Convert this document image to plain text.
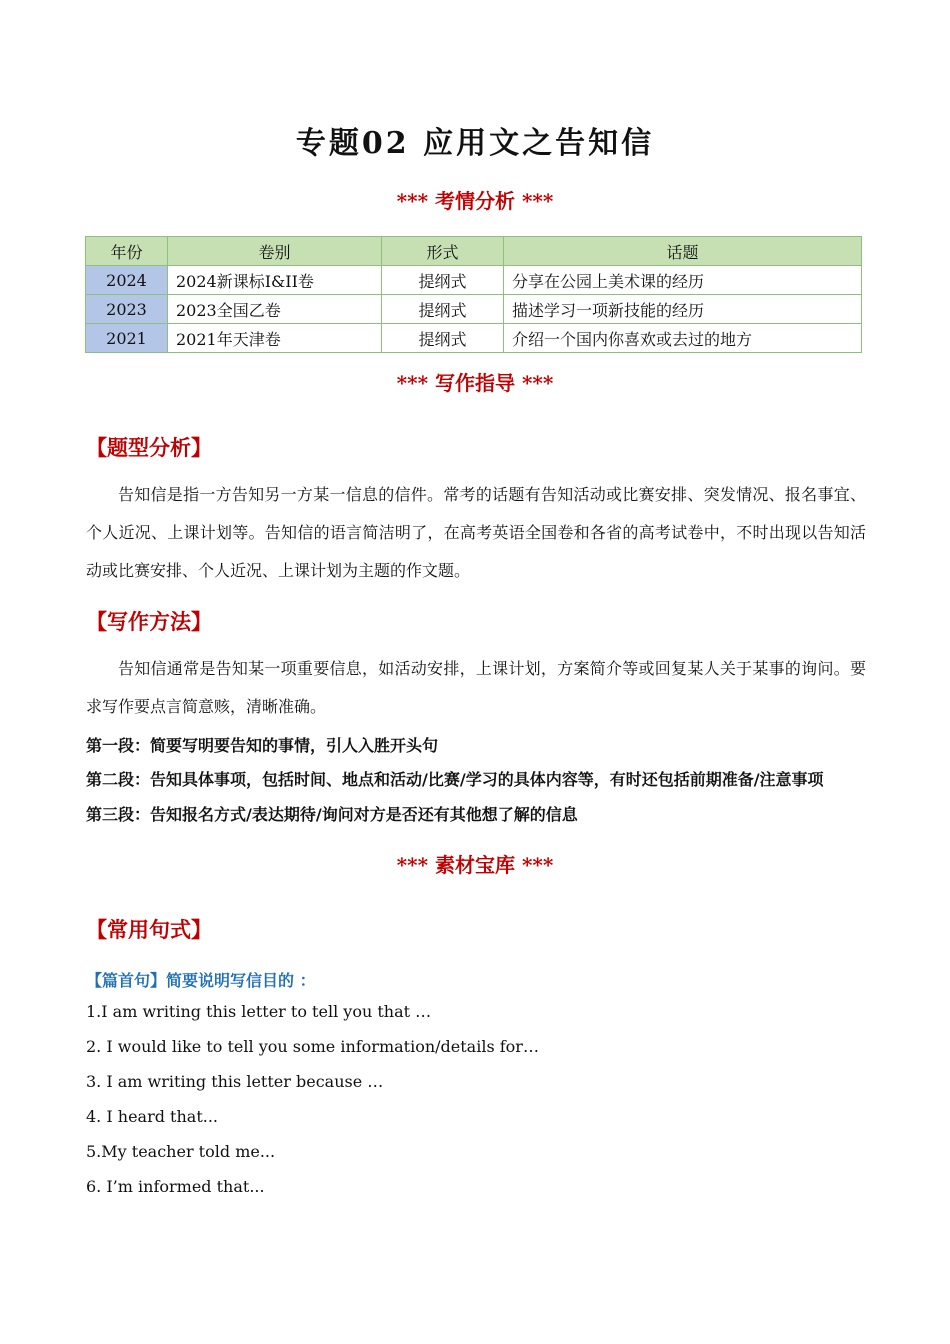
专题02 应用文之告知信
*** 考情分析 ***
年份	卷别	形式	话题
2024	2024新课标I&II卷	提纲式	分享在公园上美术课的经历
2023	2023全国乙卷	提纲式	描述学习一项新技能的经历
2021	2021年天津卷	提纲式	介绍一个国内你喜欢或去过的地方
*** 写作指导 ***
【题型分析】
告知信是指一方告知另一方某一信息的信件。常考的话题有告知活动或比赛安排、突发情况、报名事宜、个人近况、上课计划等。告知信的语言简洁明了，在高考英语全国卷和各省的高考试卷中，不时出现以告知活动或比赛安排、个人近况、上课计划为主题的作文题。
【写作方法】
告知信通常是告知某一项重要信息，如活动安排，上课计划，方案简介等或回复某人关于某事的询问。要求写作要点言简意赅，清晰准确。
第一段：简要写明要告知的事情，引人入胜开头句
第二段：告知具体事项，包括时间、地点和活动/比赛/学习的具体内容等，有时还包括前期准备/注意事项
第三段：告知报名方式/表达期待/询问对方是否还有其他想了解的信息
*** 素材宝库 ***
【常用句式】
【篇首句】简要说明写信目的 ：
1.I am writing this letter to tell you that …
2. I would like to tell you some information/details for…
3. I am writing this letter because …
4. I heard that...
5.My teacher told me...
6. I’m informed that...
